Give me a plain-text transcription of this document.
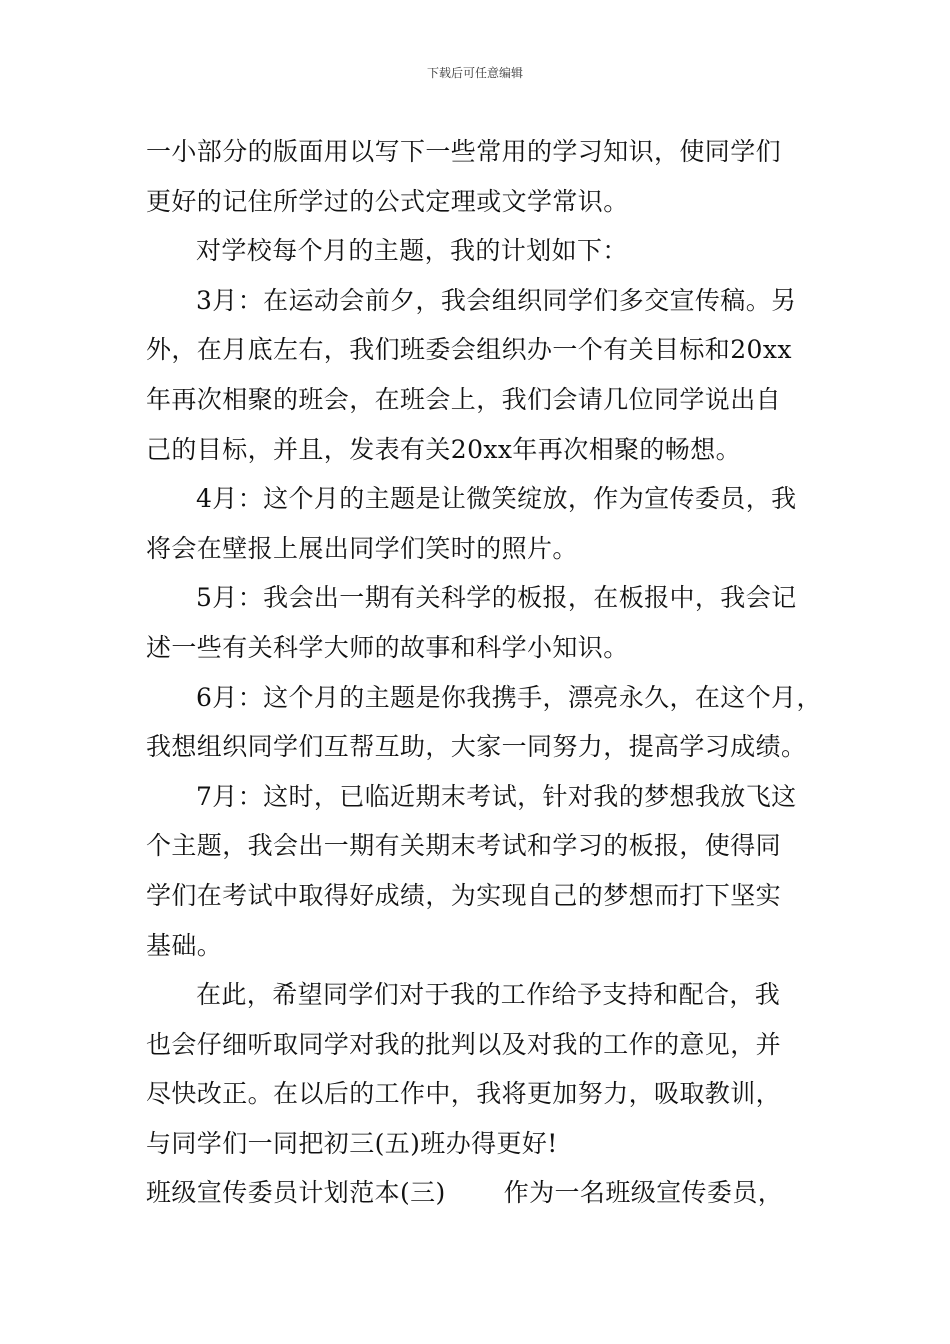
下载后可任意编辑
一小部分的版面用以写下一些常用的学习知识，使同学们
更好的记住所学过的公式定理或文学常识。
对学校每个月的主题，我的计划如下：
3月：在运动会前夕，我会组织同学们多交宣传稿。另
外，在月底左右，我们班委会组织办一个有关目标和20xx
年再次相聚的班会，在班会上，我们会请几位同学说出自
己的目标，并且，发表有关20xx年再次相聚的畅想。
4月：这个月的主题是让微笑绽放，作为宣传委员，我
将会在壁报上展出同学们笑时的照片。
5月：我会出一期有关科学的板报，在板报中，我会记
述一些有关科学大师的故事和科学小知识。
6月：这个月的主题是你我携手，漂亮永久，在这个月，
我想组织同学们互帮互助，大家一同努力，提高学习成绩。
7月：这时，已临近期末考试，针对我的梦想我放飞这
个主题，我会出一期有关期末考试和学习的板报，使得同
学们在考试中取得好成绩，为实现自己的梦想而打下坚实
基础。
在此，希望同学们对于我的工作给予支持和配合，我
也会仔细听取同学对我的批判以及对我的工作的意见，并
尽快改正。在以后的工作中，我将更加努力，吸取教训，
与同学们一同把初三(五)班办得更好!
班级宣传委员计划范本(三) 作为一名班级宣传委员，
